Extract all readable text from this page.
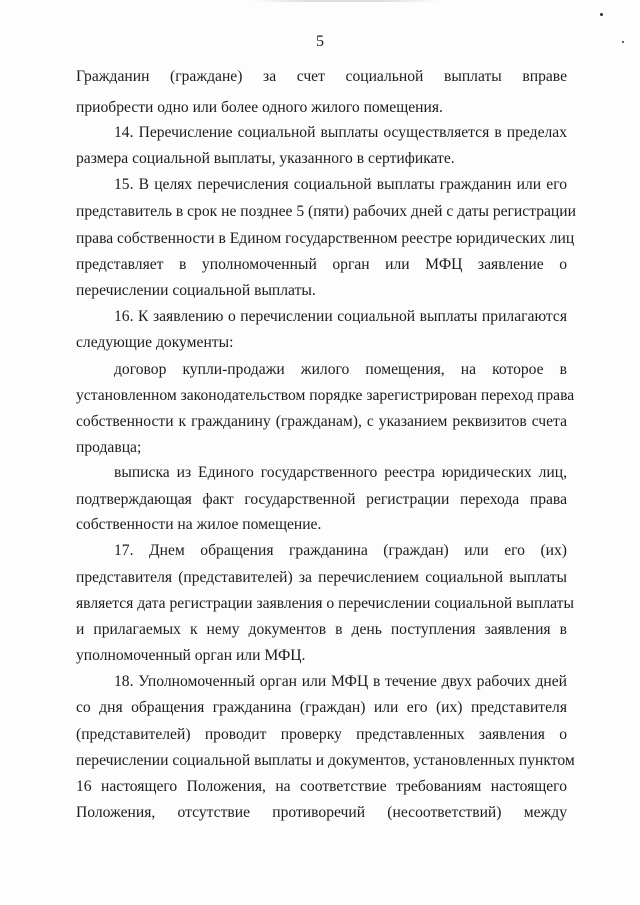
5
Гражданин (граждане) за счет социальной выплаты вправе
приобрести одно или более одного жилого помещения.
14. Перечисление социальной выплаты осуществляется в пределах
размера социальной выплаты, указанного в сертификате.
15. В целях перечисления социальной выплаты гражданин или его
представитель в срок не позднее 5 (пяти) рабочих дней с даты регистрации
права собственности в Едином государственном реестре юридических лиц
представляет в уполномоченный орган или МФЦ заявление о
перечислении социальной выплаты.
16. К заявлению о перечислении социальной выплаты прилагаются
следующие документы:
договор купли-продажи жилого помещения, на которое в
установленном законодательством порядке зарегистрирован переход права
собственности к гражданину (гражданам), с указанием реквизитов счета
продавца;
выписка из Единого государственного реестра юридических лиц,
подтверждающая факт государственной регистрации перехода права
собственности на жилое помещение.
17. Днем обращения гражданина (граждан) или его (их)
представителя (представителей) за перечислением социальной выплаты
является дата регистрации заявления о перечислении социальной выплаты
и прилагаемых к нему документов в день поступления заявления в
уполномоченный орган или МФЦ.
18. Уполномоченный орган или МФЦ в течение двух рабочих дней
со дня обращения гражданина (граждан) или его (их) представителя
(представителей) проводит проверку представленных заявления о
перечислении социальной выплаты и документов, установленных пунктом
16 настоящего Положения, на соответствие требованиям настоящего
Положения, отсутствие противоречий (несоответствий) между
